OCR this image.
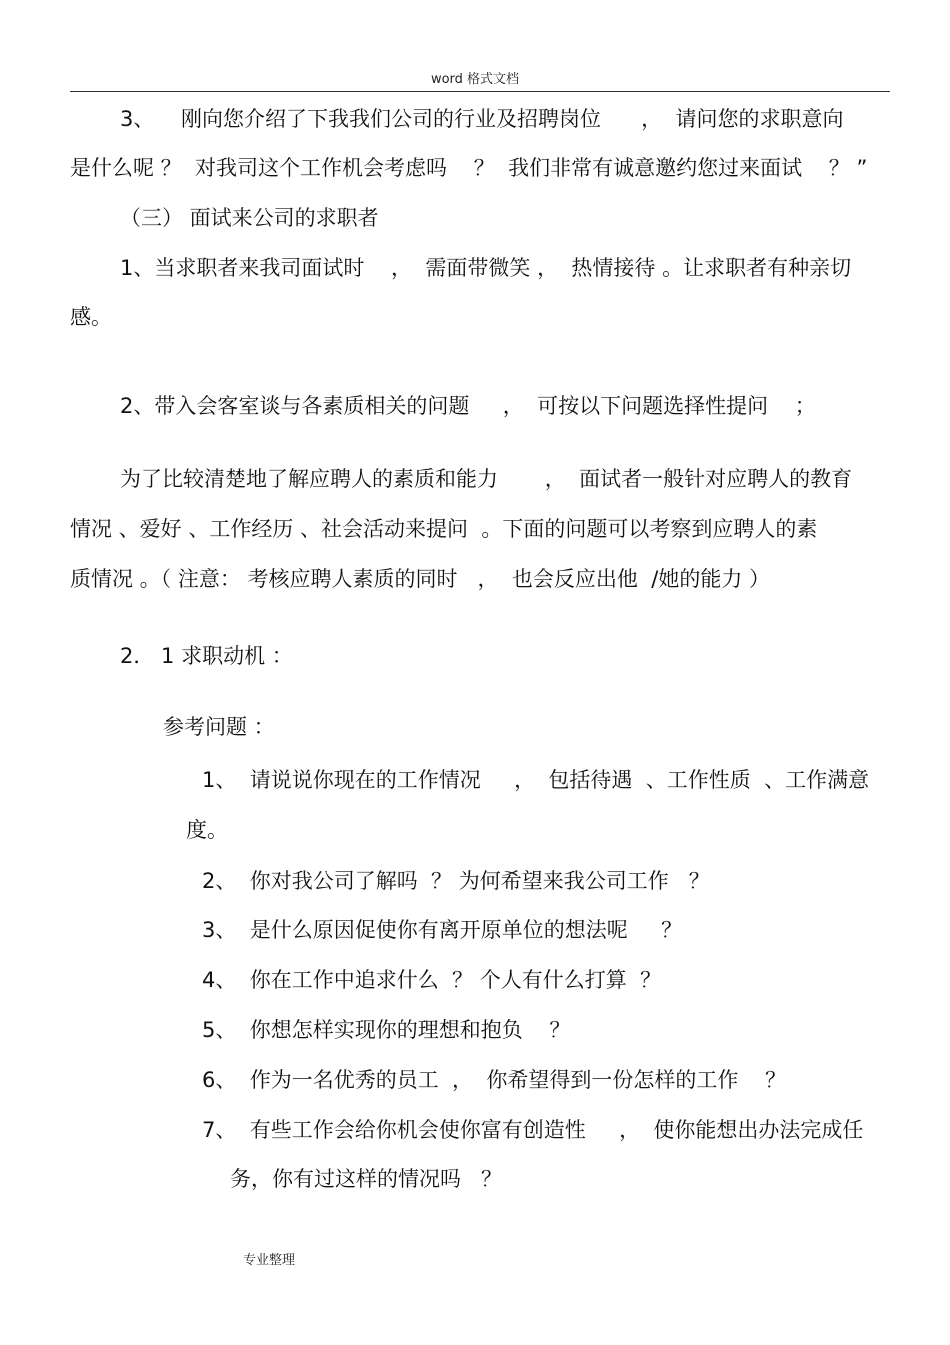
word 格式文档
3、    刚向您介绍了下我我们公司的行业及招聘岗位      ，  请问您的求职意向
是什么呢 ？  对我司这个工作机会考虑吗    ？  我们非常有诚意邀约您过来面试    ？ ”
（三） 面试来公司的求职者
1、当求职者来我司面试时    ，  需面带微笑 ，  热情接待 。让求职者有种亲切
感。
2、带入会客室谈与各素质相关的问题     ，  可按以下问题选择性提问    ；
为了比较清楚地了解应聘人的素质和能力       ，  面试者一般针对应聘人的教育
情况 、爱好 、工作经历 、社会活动来提问  。下面的问题可以考察到应聘人的素
质情况 。（ 注意： 考核应聘人素质的同时   ，  也会反应出他  /她的能力 ）
2． 1 求职动机 ：
参考问题 ：
1、  请说说你现在的工作情况     ，  包括待遇  、工作性质  、工作满意
度。
2、  你对我公司了解吗  ？ 为何希望来我公司工作   ？
3、  是什么原因促使你有离开原单位的想法呢     ？
4、  你在工作中追求什么  ？ 个人有什么打算  ？
5、  你想怎样实现你的理想和抱负    ？
6、  作为一名优秀的员工  ，  你希望得到一份怎样的工作    ？
7、  有些工作会给你机会使你富有创造性     ，  使你能想出办法完成任
务，你有过这样的情况吗   ？
专业整理
